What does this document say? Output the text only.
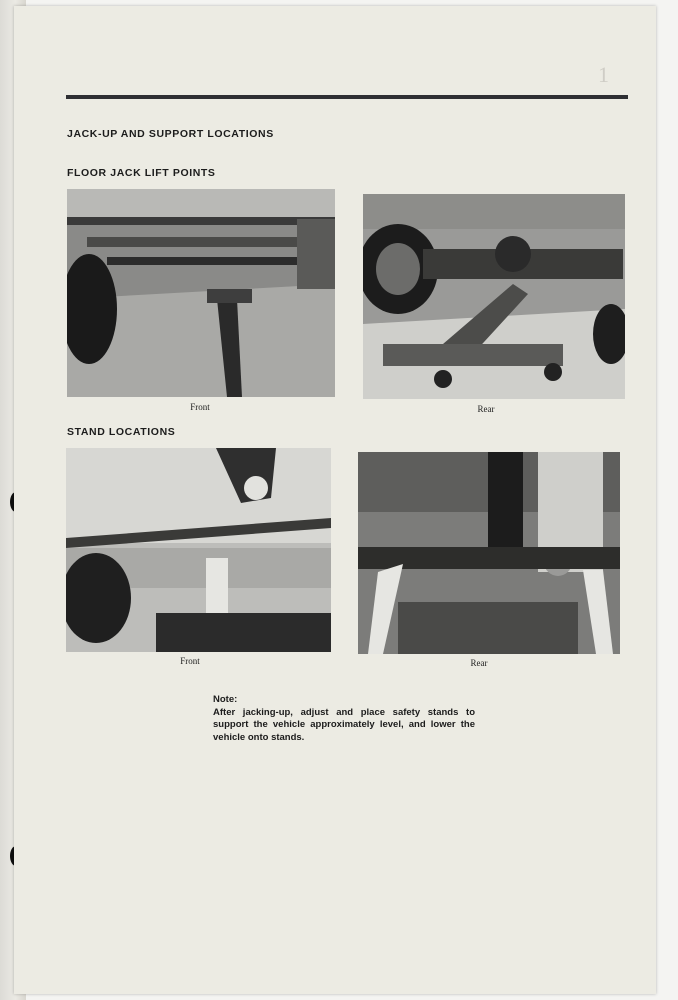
1
JACK-UP AND SUPPORT LOCATIONS
FLOOR JACK LIFT POINTS
Front	Rear
STAND LOCATIONS
Front	Rear
Note:
After jacking-up, adjust and place safety stands to support the vehicle approximately level, and lower the vehicle onto stands.
